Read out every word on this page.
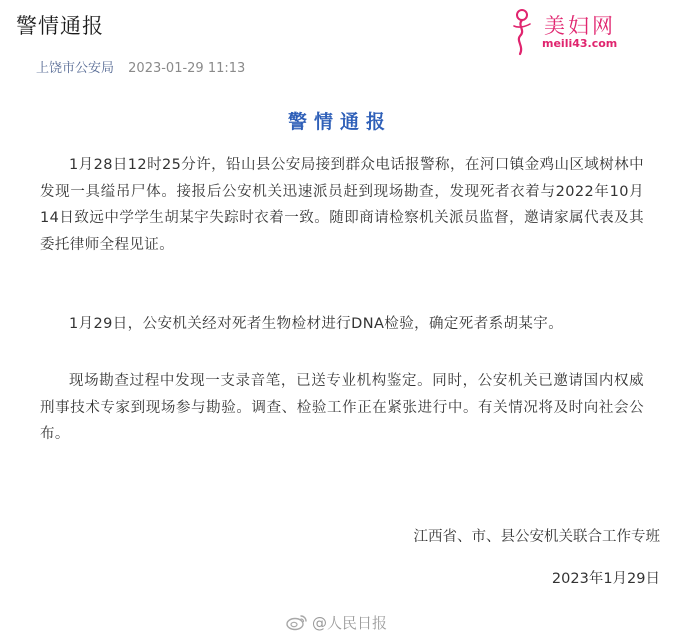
警情通报
上饶市公安局 2023-01-29 11:13
美妇网
meili43.com
警情通报

1月28日12时25分许，铅山县公安局接到群众电话报警称，在河口镇金鸡山区域树林中发现一具缢吊尸体。接报后公安机关迅速派员赶到现场勘查，发现死者衣着与2022年10月14日致远中学学生胡某宇失踪时衣着一致。随即商请检察机关派员监督，邀请家属代表及其委托律师全程见证。

1月29日，公安机关经对死者生物检材进行DNA检验，确定死者系胡某宇。

现场勘查过程中发现一支录音笔，已送专业机构鉴定。同时，公安机关已邀请国内权威刑事技术专家到现场参与勘验。调查、检验工作正在紧张进行中。有关情况将及时向社会公布。

江西省、市、县公安机关联合工作专班
2023年1月29日
@人民日报
